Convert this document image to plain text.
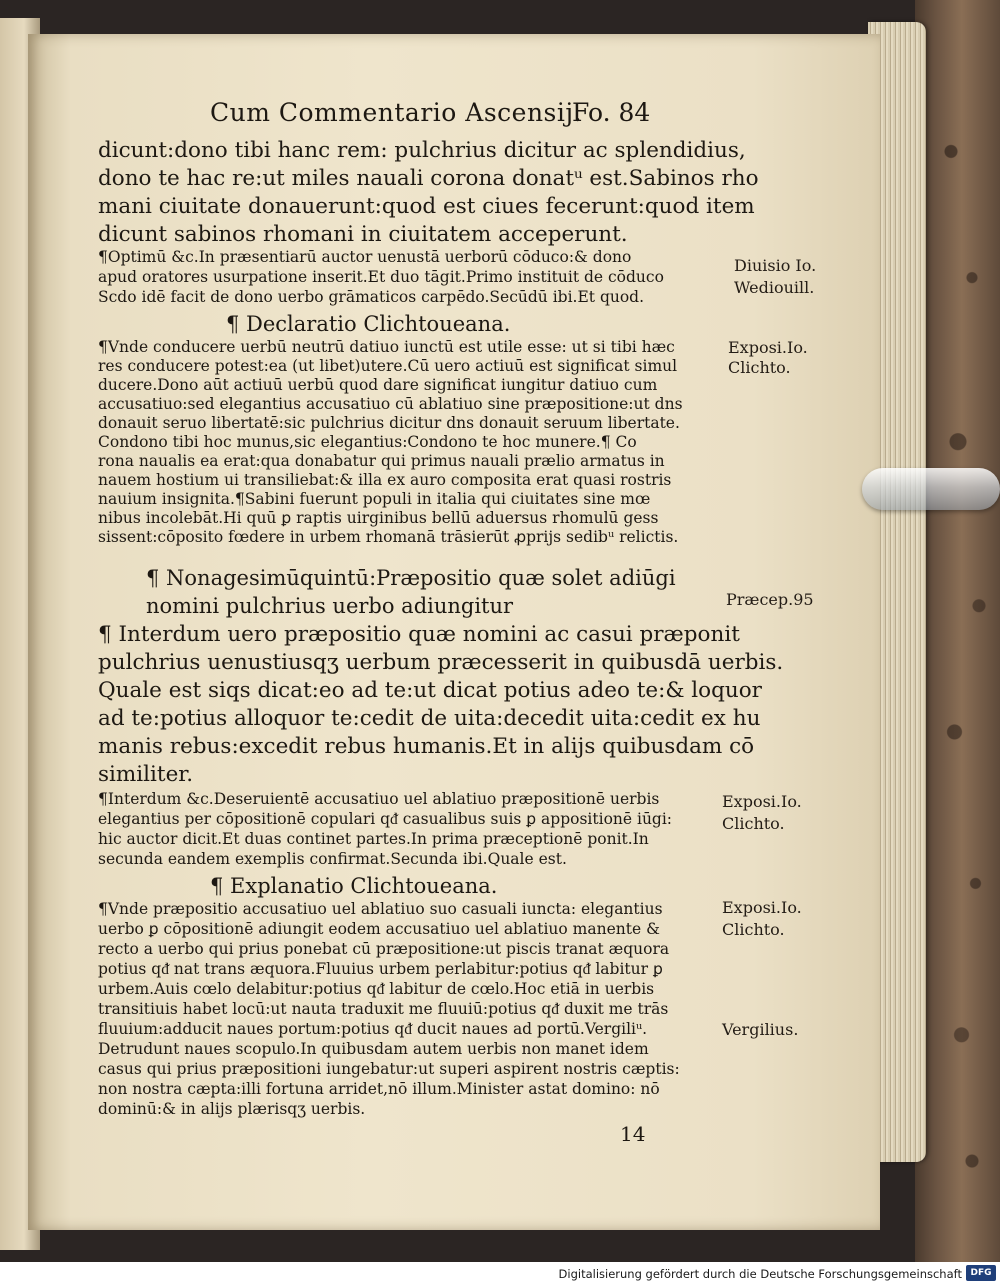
Cum Commentario Ascensij.
Fo. 84
dicunt:dono tibi hanc rem: pulchrius dicitur ac splendidius,
dono te hac re:ut miles nauali corona donatᵘ est.Sabinos rho
mani ciuitate donauerunt:quod est ciues fecerunt:quod item
dicunt sabinos rhomani in ciuitatem acceperunt.
¶Optimū &c.In præsentiarū auctor uenustā uerborū cōduco:& dono
apud oratores usurpatione inserit.Et duo tāgit.Primo instituit de cōduco
Scdo idē facit de dono uerbo grāmaticos carpēdo.Secūdū ibi.Et quod.
¶ Declaratio Clichtoueana.
¶Vnde conducere uerbū neutrū datiuo iunctū est utile esse: ut si tibi hæc
res conducere potest:ea (ut libet)utere.Cū uero actiuū est significat simul
ducere.Dono aūt actiuū uerbū quod dare significat iungitur datiuo cum
accusatiuo:sed elegantius accusatiuo cū ablatiuo sine præpositione:ut dns
donauit seruo libertatē:sic pulchrius dicitur dns donauit seruum libertate.
Condono tibi hoc munus,sic elegantius:Condono te hoc munere.¶ Co
rona naualis ea erat:qua donabatur qui primus nauali prælio armatus in
nauem hostium ui transiliebat:& illa ex auro composita erat quasi rostris
nauium insignita.¶Sabini fuerunt populi in italia qui ciuitates sine mœ
nibus incolebāt.Hi quū ꝑ raptis uirginibus bellū aduersus rhomulū gess
sissent:cōposito fœdere in urbem rhomanā trāsierūt ꝓprijs sedibᵘ relictis.
¶ Nonagesimūquintū:Præpositio quæ solet adiūgi
nomini pulchrius uerbo adiungitur
¶ Interdum uero præpositio quæ nomini ac casui præponit
pulchrius uenustiusqʒ uerbum præcesserit in quibusdā uerbis.
Quale est siqs dicat:eo ad te:ut dicat potius adeo te:& loquor
ad te:potius alloquor te:cedit de uita:decedit uita:cedit ex hu
manis rebus:excedit rebus humanis.Et in alijs quibusdam cō
similiter.
¶Interdum &c.Deseruientē accusatiuo uel ablatiuo præpositionē uerbis
elegantius per cōpositionē copulari qᵭ casualibus suis ꝑ appositionē iūgi:
hic auctor dicit.Et duas continet partes.In prima præceptionē ponit.In
secunda eandem exemplis confirmat.Secunda ibi.Quale est.
¶ Explanatio Clichtoueana.
¶Vnde præpositio accusatiuo uel ablatiuo suo casuali iuncta: elegantius
uerbo ꝑ cōpositionē adiungit eodem accusatiuo uel ablatiuo manente &
recto a uerbo qui prius ponebat cū præpositione:ut piscis tranat æquora
potius qᵭ nat trans æquora.Fluuius urbem perlabitur:potius qᵭ labitur ꝑ
urbem.Auis cœlo delabitur:potius qᵭ labitur de cœlo.Hoc etiā in uerbis
transitiuis habet locū:ut nauta traduxit me fluuiū:potius qᵭ duxit me trās
fluuium:adducit naues portum:potius qᵭ ducit naues ad portū.Vergiliᵘ.
Detrudunt naues scopulo.In quibusdam autem uerbis non manet idem
casus qui prius præpositioni iungebatur:ut superi aspirent nostris cæptis:
non nostra cæpta:illi fortuna arridet,nō illum.Minister astat domino: nō
dominū:& in alijs plærisqʒ uerbis.
14
Diuisio Io.
Wediouill.
Exposi.Io.
Clichto.
Præcep.95
Exposi.Io.
Clichto.
Exposi.Io.
Clichto.
Vergilius.
Digitalisierung gefördert durch die Deutsche Forschungsgemeinschaft DFG
